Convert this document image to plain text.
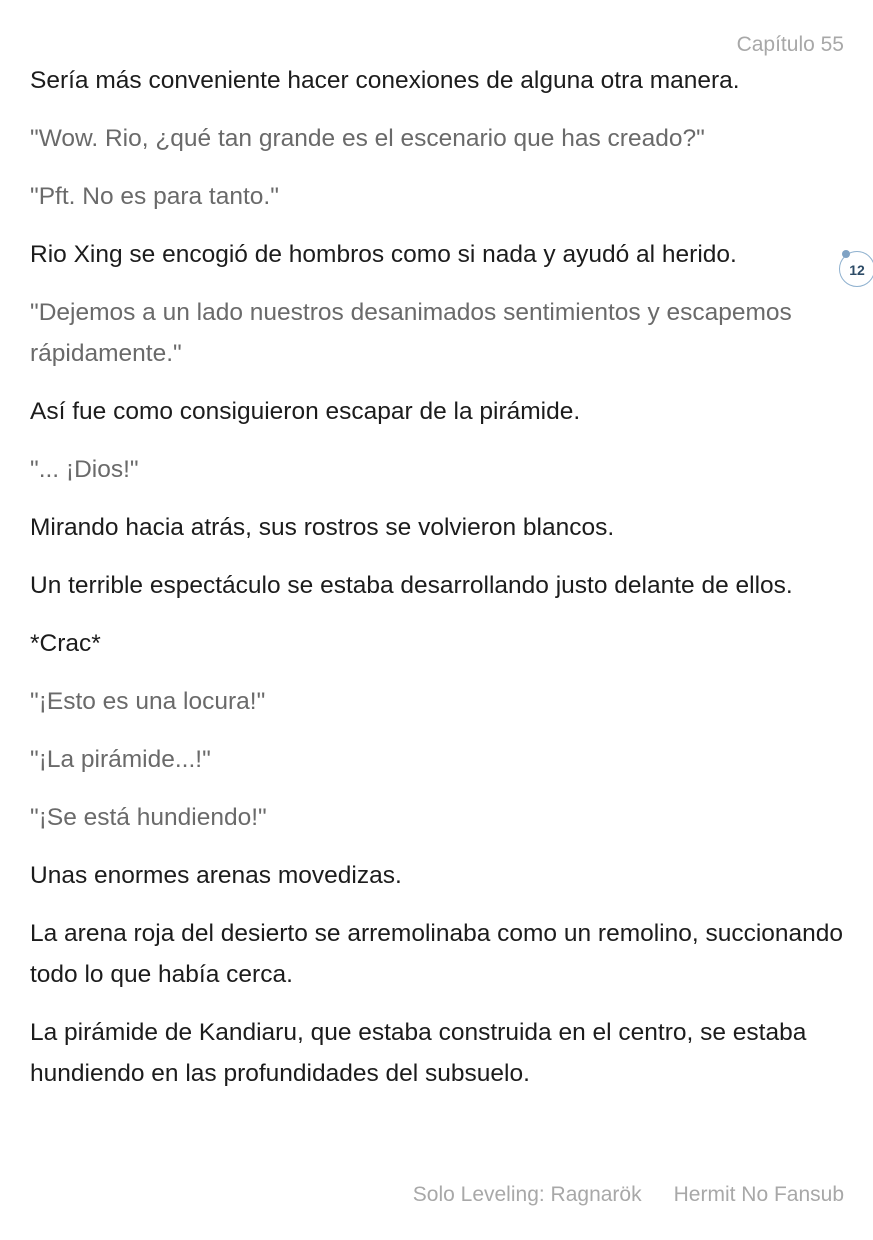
Capítulo 55

Sería más conveniente hacer conexiones de alguna otra manera.

"Wow. Rio, ¿qué tan grande es el escenario que has creado?"

"Pft. No es para tanto."

Rio Xing se encogió de hombros como si nada y ayudó al herido.

"Dejemos a un lado nuestros desanimados sentimientos y escapemos rápidamente."

Así fue como consiguieron escapar de la pirámide.

"... ¡Dios!"

Mirando hacia atrás, sus rostros se volvieron blancos.

Un terrible espectáculo se estaba desarrollando justo delante de ellos.

*Crac*

"¡Esto es una locura!"

"¡La pirámide...!"

"¡Se está hundiendo!"

Unas enormes arenas movedizas.

La arena roja del desierto se arremolinaba como un remolino, succionando todo lo que había cerca.

La pirámide de Kandiaru, que estaba construida en el centro, se estaba hundiendo en las profundidades del subsuelo.

12
Solo Leveling: Ragnarök Hermit No Fansub
